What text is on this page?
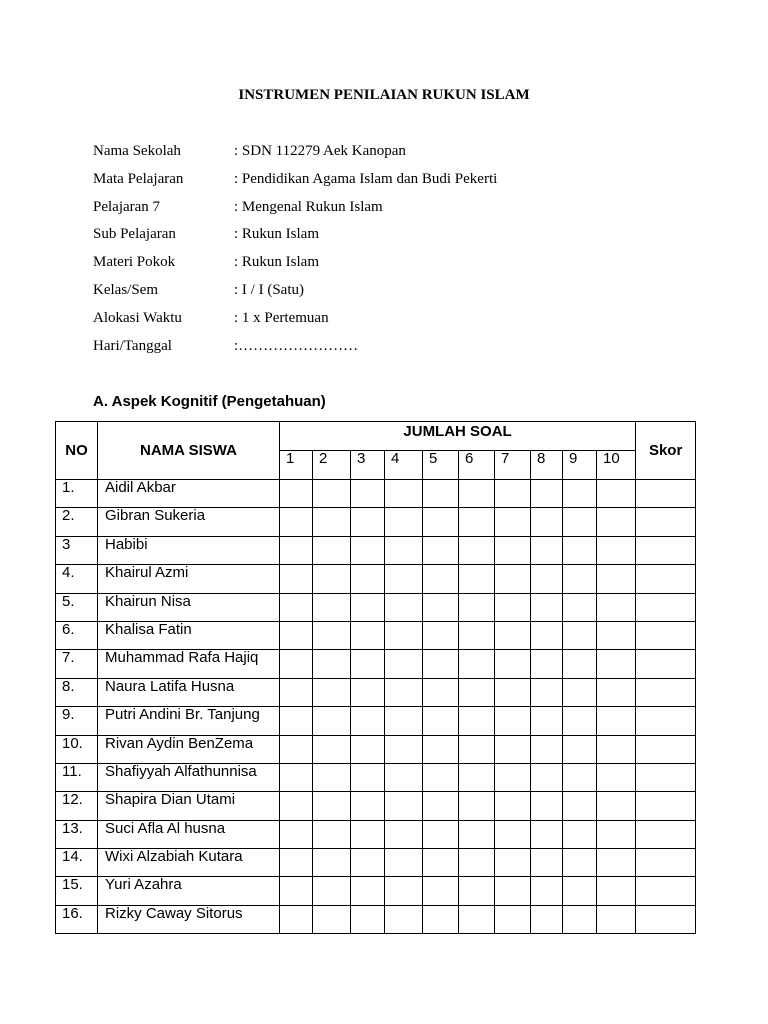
INSTRUMEN PENILAIAN RUKUN ISLAM
Nama Sekolah	: SDN 112279 Aek Kanopan
Mata Pelajaran	: Pendidikan Agama Islam dan Budi Pekerti
Pelajaran 7	: Mengenal Rukun Islam
Sub Pelajaran	: Rukun Islam
Materi Pokok	: Rukun Islam
Kelas/Sem	: I / I (Satu)
Alokasi Waktu	: 1 x Pertemuan
Hari/Tanggal	:……………………
A. Aspek Kognitif (Pengetahuan)
NO	NAMA SISWA	JUMLAH SOAL										Skor
		1	2	3	4	5	6	7	8	9	10	
1.	Aidil Akbar											
2.	Gibran Sukeria											
3	Habibi											
4.	Khairul Azmi											
5.	Khairun Nisa											
6.	Khalisa Fatin											
7.	Muhammad Rafa Hajiq											
8.	Naura Latifa Husna											
9.	Putri Andini Br. Tanjung											
10.	Rivan Aydin BenZema											
11.	Shafiyyah Alfathunnisa											
12.	Shapira Dian Utami											
13.	Suci Afla Al husna											
14.	Wixi Alzabiah Kutara											
15.	Yuri Azahra											
16.	Rizky Caway Sitorus											
